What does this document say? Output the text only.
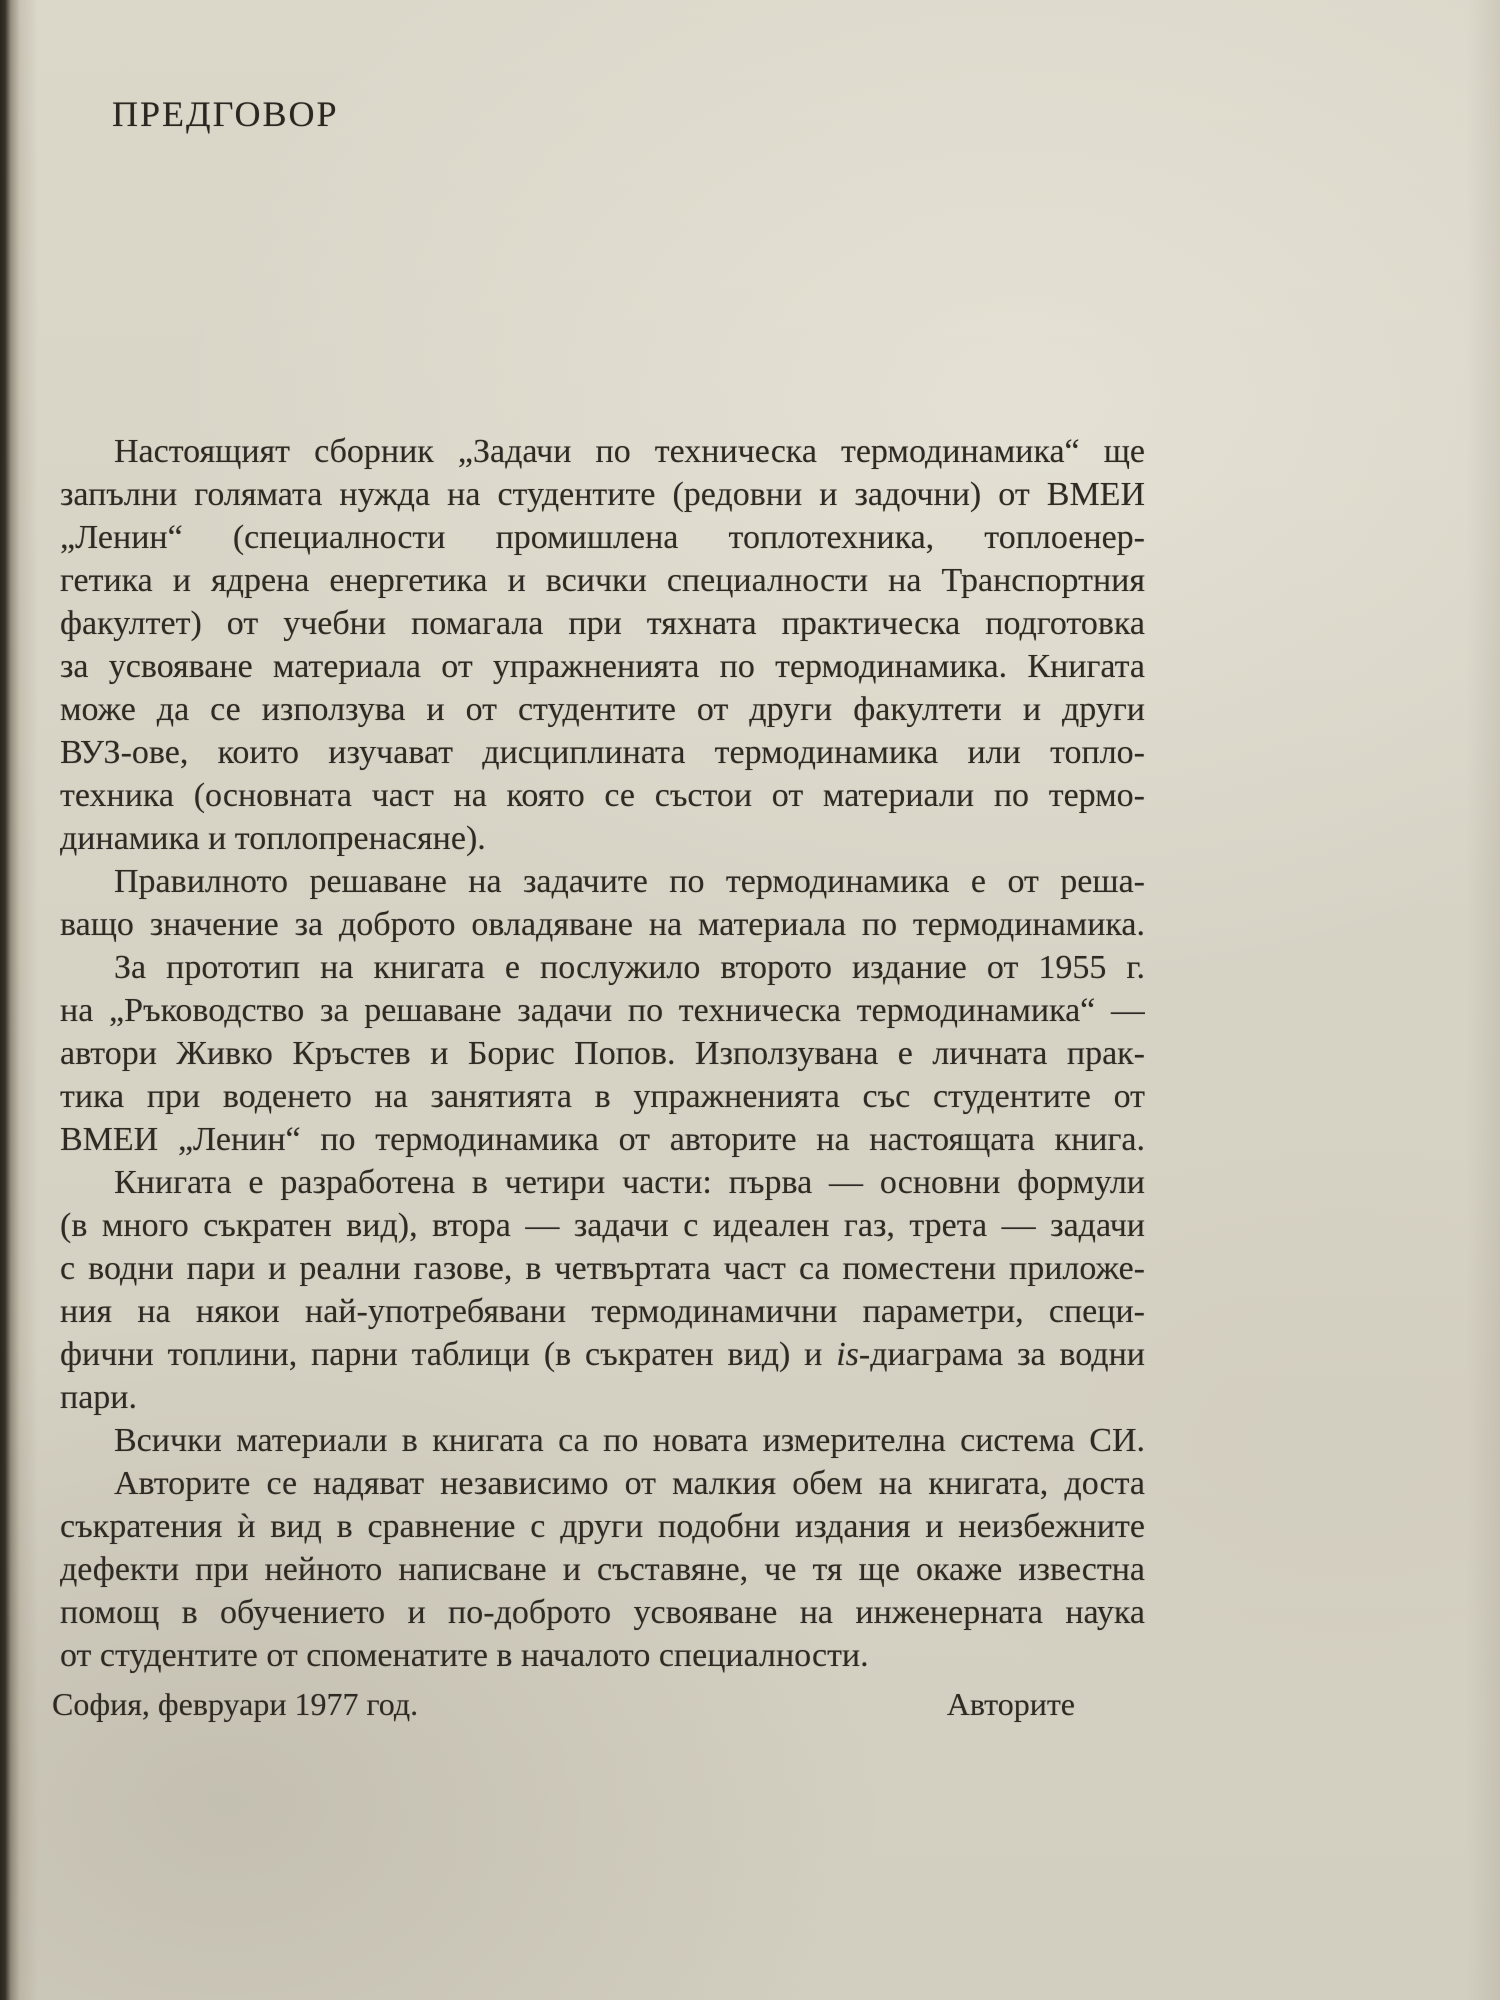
ПРЕДГОВОР
Настоящият сборник „Задачи по техническа термодинамика“ ще
запълни голямата нужда на студентите (редовни и задочни) от ВМЕИ
„Ленин“ (специалности промишлена топлотехника, топлоенер-
гетика и ядрена енергетика и всички специалности на Транспортния
факултет) от учебни помагала при тяхната практическа подготовка
за усвояване материала от упражненията по термодинамика. Книгата
може да се използува и от студентите от други факултети и други
ВУЗ-ове, които изучават дисциплината термодинамика или топло-
техника (основната част на която се състои от материали по термо-
динамика и топлопренасяне).
Правилното решаване на задачите по термодинамика е от реша-
ващо значение за доброто овладяване на материала по термодинамика.
За прототип на книгата е послужило второто издание от 1955 г.
на „Ръководство за решаване задачи по техническа термодинамика“ —
автори Живко Кръстев и Борис Попов. Използувана е личната прак-
тика при воденето на занятията в упражненията със студентите от
ВМЕИ „Ленин“ по термодинамика от авторите на настоящата книга.
Книгата е разработена в четири части: първа — основни формули
(в много съкратен вид), втора — задачи с идеален газ, трета — задачи
с водни пари и реални газове, в четвъртата част са поместени приложе-
ния на някои най-употребявани термодинамични параметри, специ-
фични топлини, парни таблици (в съкратен вид) и is-диаграма за водни
пари.
Всички материали в книгата са по новата измерителна система СИ.
Авторите се надяват независимо от малкия обем на книгата, доста
съкратения ѝ вид в сравнение с други подобни издания и неизбежните
дефекти при нейното написване и съставяне, че тя ще окаже известна
помощ в обучението и по-доброто усвояване на инженерната наука
от студентите от споменатите в началото специалности.
София, февруари 1977 год.	Авторите
